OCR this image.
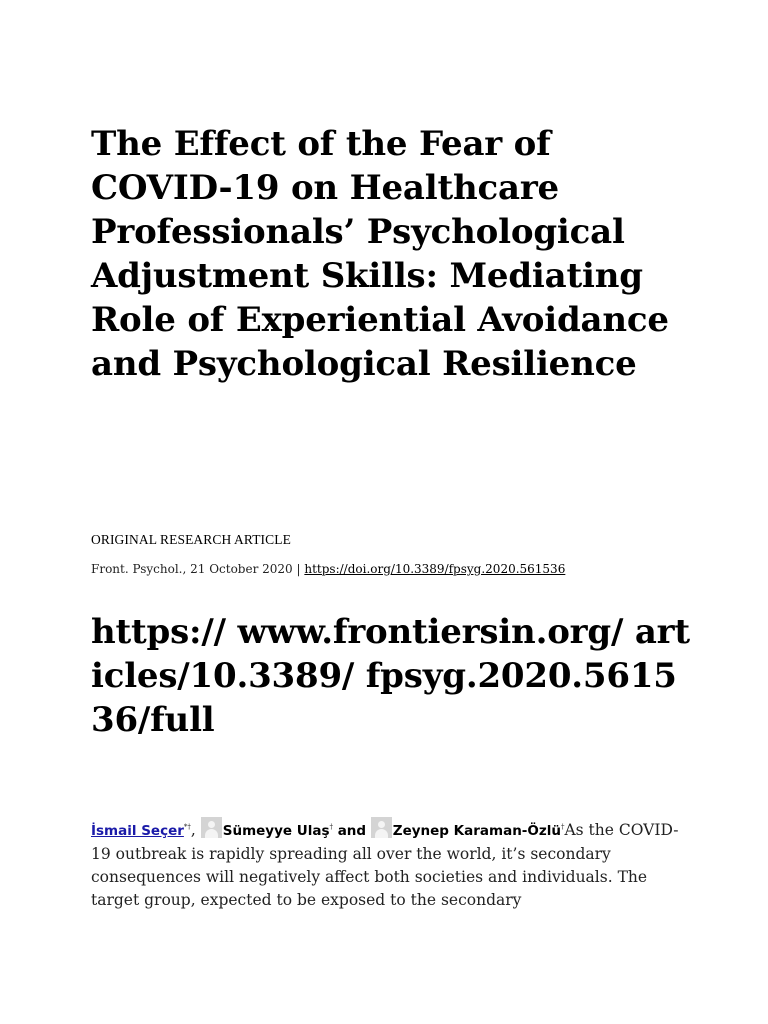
The Effect of the Fear of COVID-19 on Healthcare Professionals’ Psychological Adjustment Skills: Mediating Role of Experiential Avoidance and Psychological Resilience
ORIGINAL RESEARCH ARTICLE
Front. Psychol., 21 October 2020 | https://doi.org/10.3389/fpsyg.2020.561536
https:// www.frontiersin.org/ articles/10.3389/ fpsyg.2020.561536/full
İsmail Seçer*†,
Sümeyye Ulaş† and
Zeynep Karaman-Özlü†As the COVID-19 outbreak is rapidly spreading all over the world, it’s secondary consequences will negatively affect both societies and individuals. The target group, expected to be exposed to the secondary
